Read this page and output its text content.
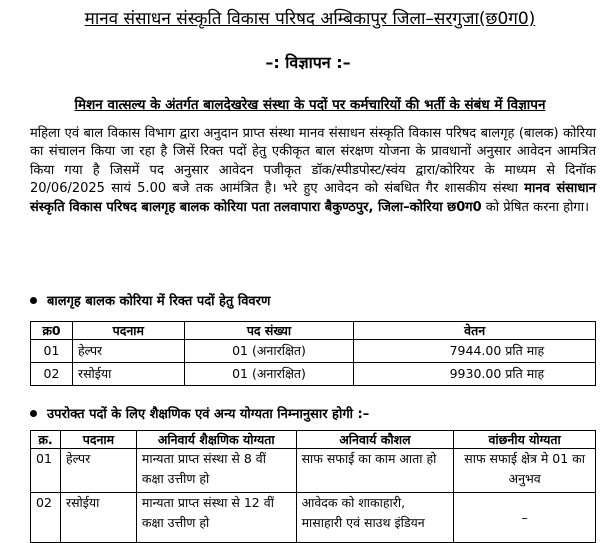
मानव संसाधन संस्कृति विकास परिषद अम्बिकापुर जिला–सरगुजा(छ0ग0)
–: विज्ञापन :–
मिशन वात्सल्य के अंतर्गत बालदेखरेख संस्था के पदों पर कर्मचारियों की भर्ती के संबंध में विज्ञापन
महिला एवं बाल विकास विभाग द्वारा अनुदान प्राप्त संस्था मानव संसाधन संस्कृति विकास परिषद बालगृह (बालक) कोरिया का संचालन किया जा रहा है जिसें रिक्त पदों हेतु एकीकृत बाल संरक्षण योजना के प्रावधानों अनुसार आवेदन आमत्रित किया गया है जिसमें पद अनुसार आवेदन पजीकृत डॉक/स्पीडपोस्ट/स्वंय द्वारा/कोरियर के माध्यम से दिनॉक 20/06/2025 सायं 5.00 बजे तक आमंत्रित है। भरे हुए आवेदन को संबधित गैर शासकीय संस्था मानव संसाधान संस्कृति विकास परिषद बालगृह बालक कोरिया पता तलवापारा बैकुण्ठपुर, जिला–कोरिया छ0ग0 को प्रेषित करना होगा।
बालगृह बालक कोरिया में रिक्त पदों हेतु विवरण
क्र0	पदनाम	पद संख्या	वेतन
01	हेल्पर	01 (अनारक्षित)	7944.00 प्रति माह
02	रसोईया	01 (अनारक्षित)	9930.00 प्रति माह
उपरोक्त पदों के लिए शैक्षणिक एवं अन्य योग्यता निम्नानुसार होगी :–
क्र.	पदनाम	अनिवार्य शैक्षणिक योग्यता	अनिवार्य कौशल	वांछनीय योग्यता
01	हेल्पर	मान्यता प्राप्त संस्था से 8 वीं कक्षा उत्तीण हो	साफ सफाई का काम आता हो	साफ सफाई क्षेत्र मे 01 का अनुभव
02	रसोईया	मान्यता प्राप्त संस्था से 12 वीं कक्षा उत्तीण हो	आवेदक को शाकाहारी, मासाहारी एवं साउथ इंडियन	–
